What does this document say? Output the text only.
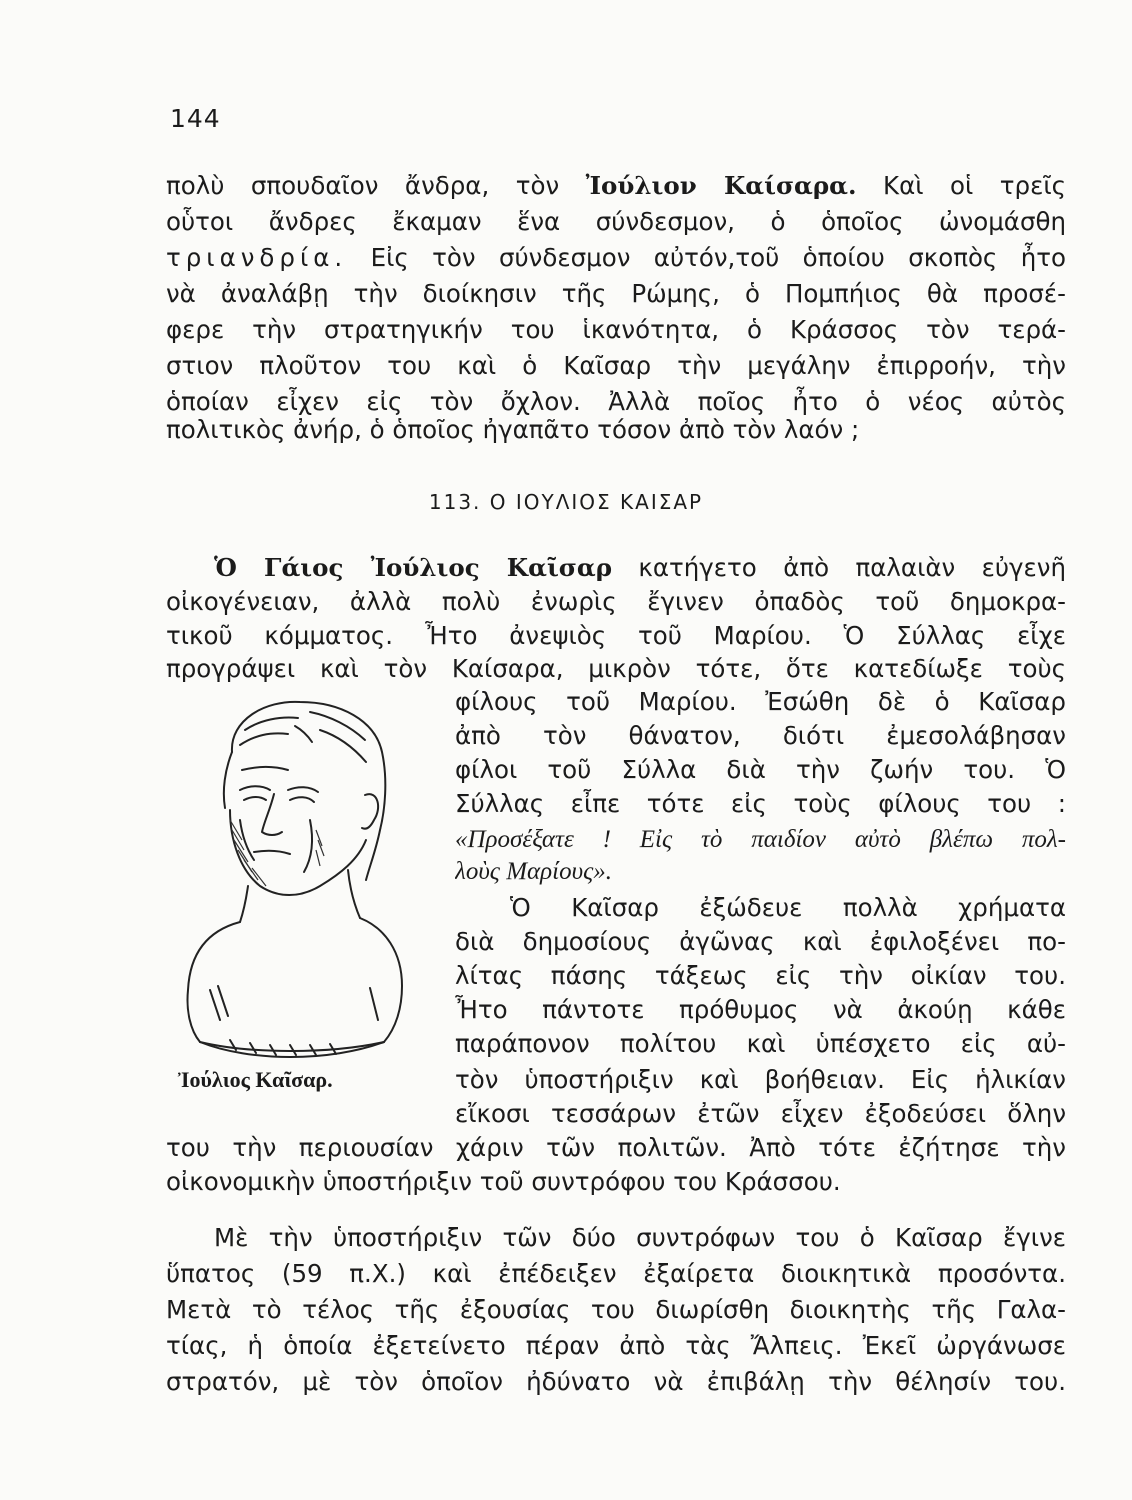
144
πολὺ σπουδαῖον ἄνδρα, τὸν Ἰούλιον Καίσαρα. Καὶ οἱ τρεῖς
οὗτοι ἄνδρες ἔκαμαν ἕνα σύνδεσμον, ὁ ὁποῖος ὠνομάσθη
τριανδρία. Εἰς τὸν σύνδεσμον αὐτόν,τοῦ ὁποίου σκοπὸς ἦτο
νὰ ἀναλάβῃ τὴν διοίκησιν τῆς Ρώμης, ὁ Πομπήιος θὰ προσέ-
φερε τὴν στρατηγικήν του ἱκανότητα, ὁ Κράσσος τὸν τερά-
στιον πλοῦτον του καὶ ὁ Καῖσαρ τὴν μεγάλην ἐπιρροήν, τὴν
ὁποίαν εἶχεν εἰς τὸν ὄχλον. Ἀλλὰ ποῖος ἦτο ὁ νέος αὐτὸς
πολιτικὸς ἀνήρ, ὁ ὁποῖος ἠγαπᾶτο τόσον ἀπὸ τὸν λαόν ;
113. Ο ΙΟΥΛΙΟΣ ΚΑΙΣΑΡ
Ὁ Γάιος Ἰούλιος Καῖσαρ κατήγετο ἀπὸ παλαιὰν εὐγενῆ
οἰκογένειαν, ἀλλὰ πολὺ ἐνωρὶς ἔγινεν ὀπαδὸς τοῦ δημοκρα-
τικοῦ κόμματος. Ἦτο ἀνεψιὸς τοῦ Μαρίου. Ὁ Σύλλας εἶχε
προγράψει καὶ τὸν Καίσαρα, μικρὸν τότε, ὅτε κατεδίωξε τοὺς
φίλους τοῦ Μαρίου. Ἐσώθη δὲ ὁ Καῖσαρ
ἀπὸ τὸν θάνατον, διότι ἐμεσολάβησαν
φίλοι τοῦ Σύλλα διὰ τὴν ζωήν του. Ὁ
Σύλλας εἶπε τότε εἰς τοὺς φίλους του :
«Προσέξατε ! Εἰς τὸ παιδίον αὐτὸ βλέπω πολ-
λοὺς Μαρίους».
Ὁ Καῖσαρ ἐξώδευε πολλὰ χρήματα
διὰ δημοσίους ἀγῶνας καὶ ἐφιλοξένει πο-
λίτας πάσης τάξεως εἰς τὴν οἰκίαν του.
Ἦτο πάντοτε πρόθυμος νὰ ἀκούῃ κάθε
παράπονον πολίτου καὶ ὑπέσχετο εἰς αὐ-
τὸν ὑποστήριξιν καὶ βοήθειαν. Εἰς ἡλικίαν
εἴκοσι τεσσάρων ἐτῶν εἶχεν ἐξοδεύσει ὅλην
του τὴν περιουσίαν χάριν τῶν πολιτῶν. Ἀπὸ τότε ἐζήτησε τὴν
οἰκονομικὴν ὑποστήριξιν τοῦ συντρόφου του Κράσσου.
Μὲ τὴν ὑποστήριξιν τῶν δύο συντρόφων του ὁ Καῖσαρ ἔγινε
ὕπατος (59 π.Χ.) καὶ ἐπέδειξεν ἐξαίρετα διοικητικὰ προσόντα.
Μετὰ τὸ τέλος τῆς ἐξουσίας του διωρίσθη διοικητὴς τῆς Γαλα-
τίας, ἡ ὁποία ἐξετείνετο πέραν ἀπὸ τὰς Ἄλπεις. Ἐκεῖ ὠργάνωσε
στρατόν, μὲ τὸν ὁποῖον ἠδύνατο νὰ ἐπιβάλῃ τὴν θέλησίν του.
Ἰούλιος Καῖσαρ.
